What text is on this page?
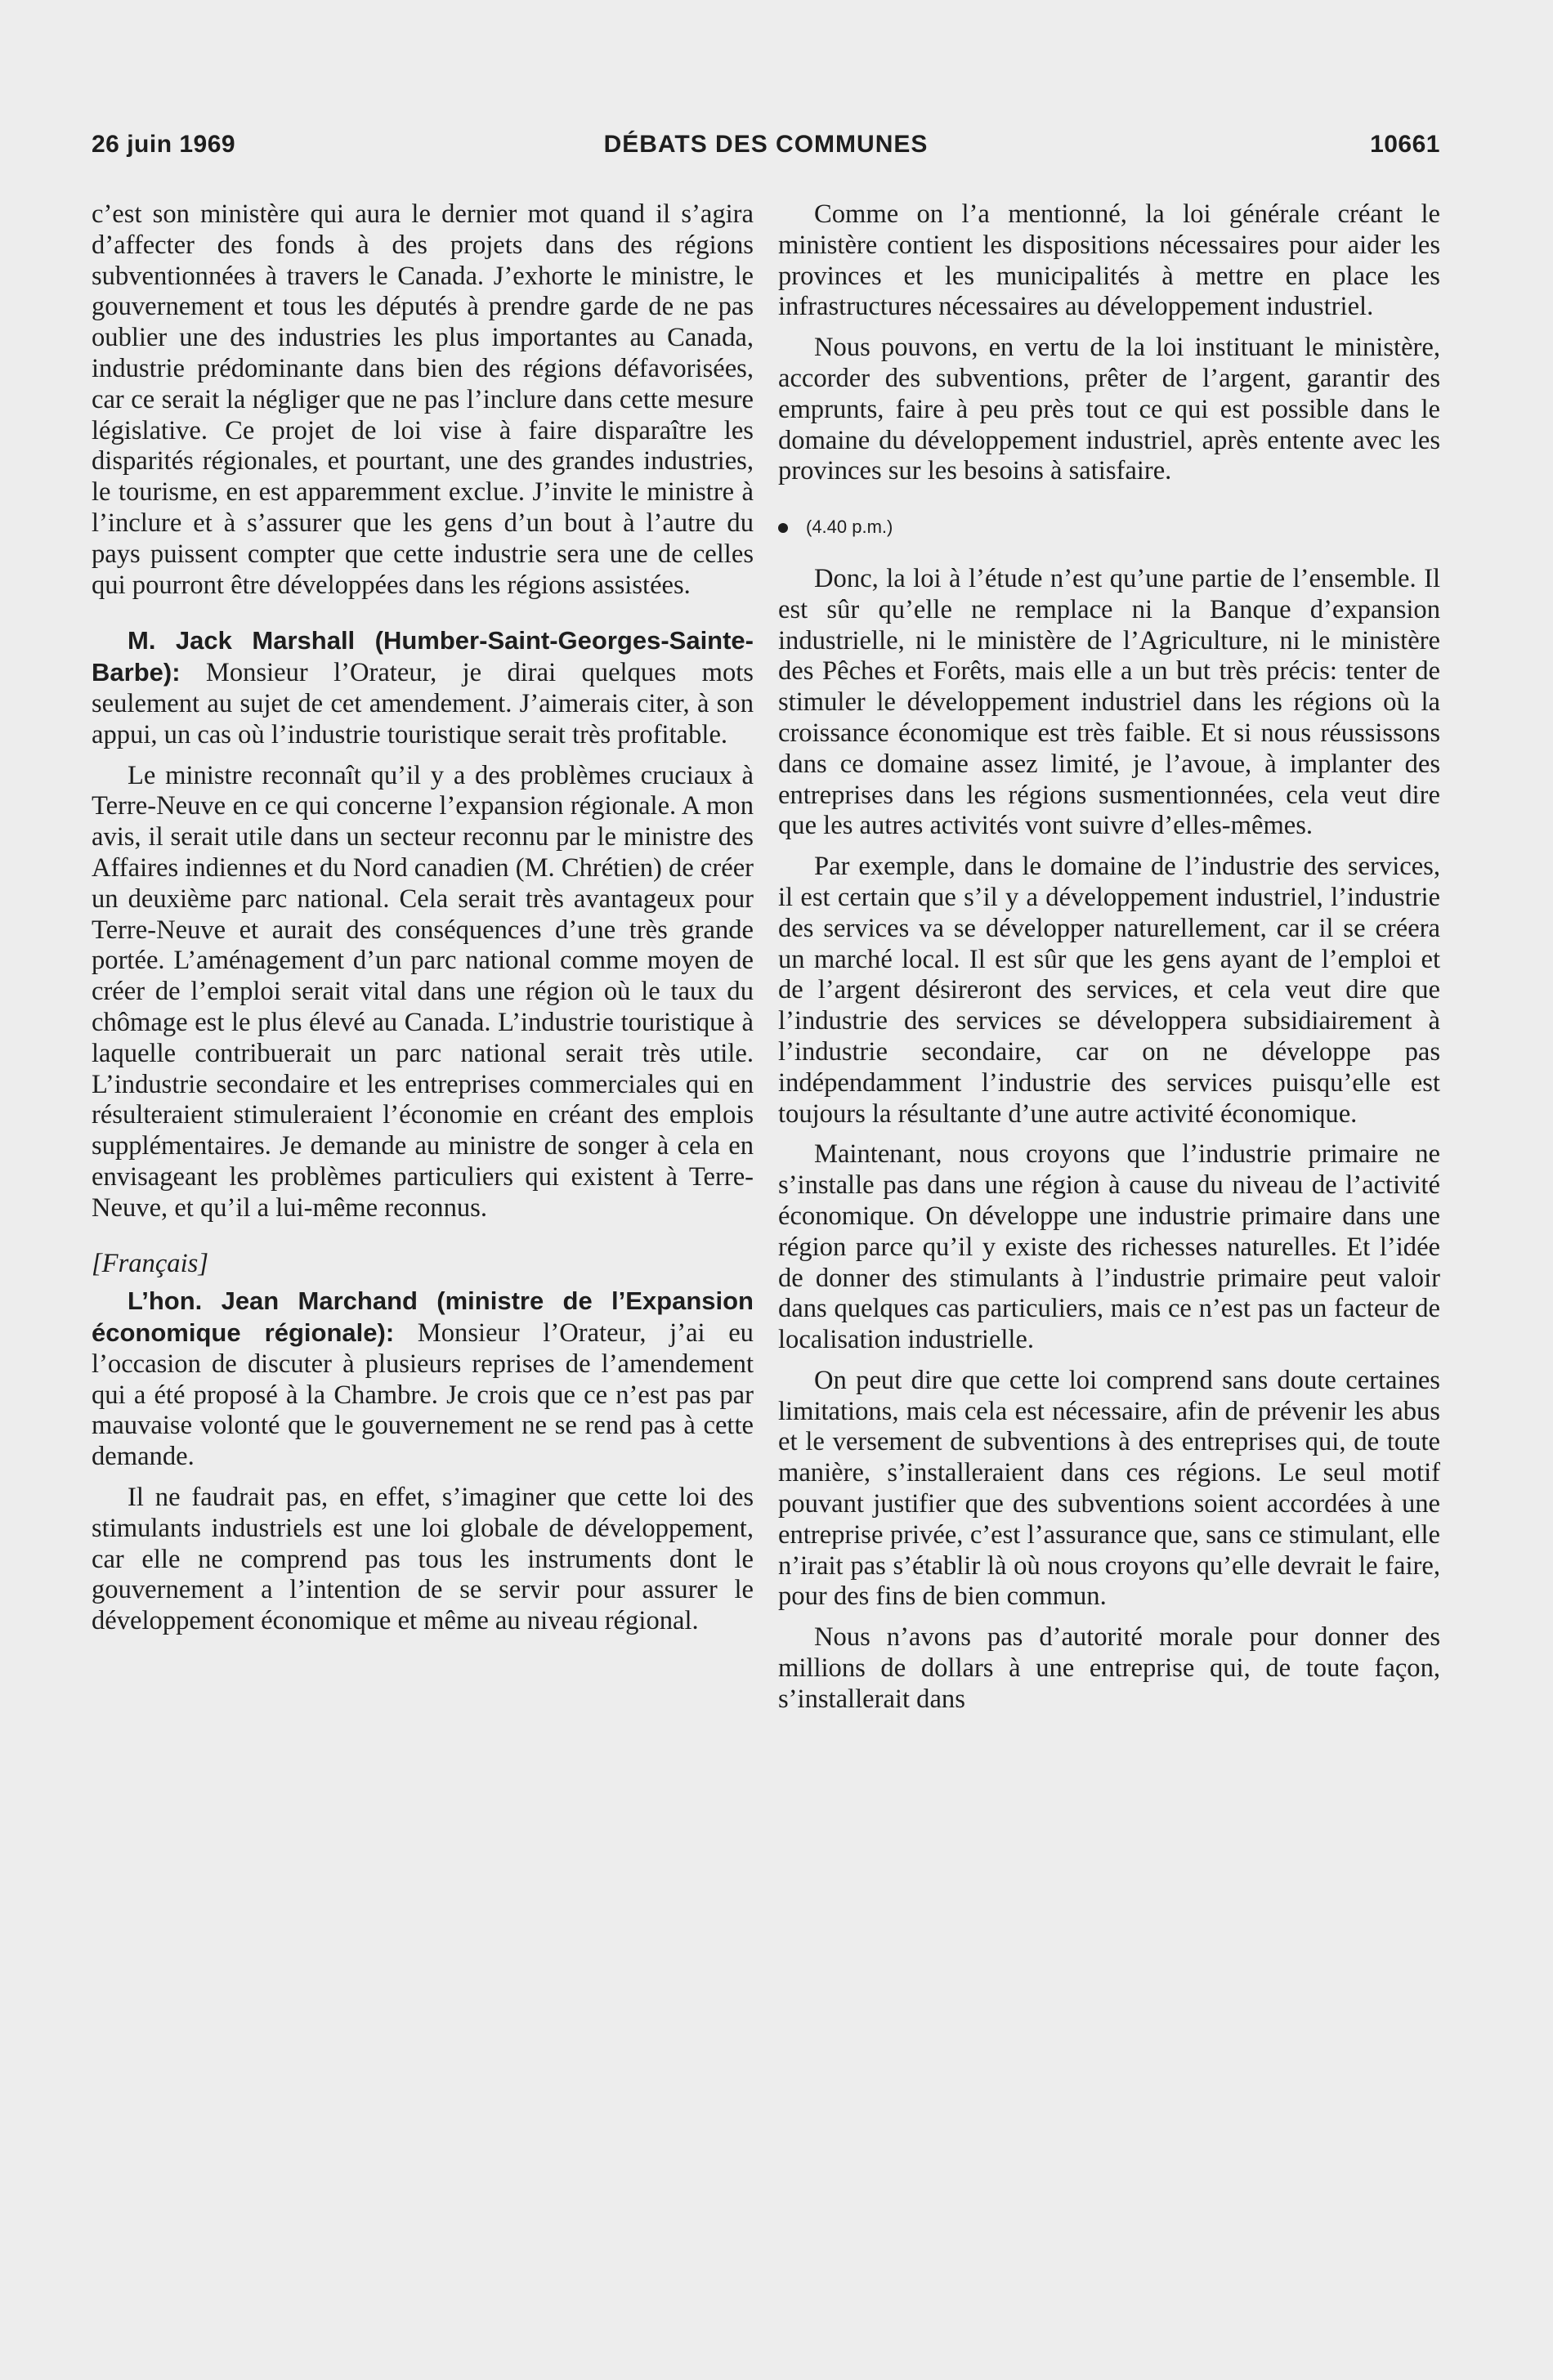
26 juin 1969	DÉBATS DES COMMUNES	10661

c’est son ministère qui aura le dernier mot quand il s’agira d’affecter des fonds à des projets dans des régions subventionnées à travers le Canada. J’exhorte le ministre, le gouvernement et tous les députés à prendre garde de ne pas oublier une des industries les plus importantes au Canada, industrie prédominante dans bien des régions défavorisées, car ce serait la négliger que ne pas l’inclure dans cette mesure législative. Ce projet de loi vise à faire disparaître les disparités régionales, et pourtant, une des grandes industries, le tourisme, en est apparemment exclue. J’invite le ministre à l’inclure et à s’assurer que les gens d’un bout à l’autre du pays puissent compter que cette industrie sera une de celles qui pourront être développées dans les régions assistées.

M. Jack Marshall (Humber-Saint-Georges-Sainte-Barbe): Monsieur l’Orateur, je dirai quelques mots seulement au sujet de cet amendement. J’aimerais citer, à son appui, un cas où l’industrie touristique serait très profitable.

Le ministre reconnaît qu’il y a des problèmes cruciaux à Terre-Neuve en ce qui concerne l’expansion régionale. A mon avis, il serait utile dans un secteur reconnu par le ministre des Affaires indiennes et du Nord canadien (M. Chrétien) de créer un deuxième parc national. Cela serait très avantageux pour Terre-Neuve et aurait des conséquences d’une très grande portée. L’aménagement d’un parc national comme moyen de créer de l’emploi serait vital dans une région où le taux du chômage est le plus élevé au Canada. L’industrie touristique à laquelle contribuerait un parc national serait très utile. L’industrie secondaire et les entreprises commerciales qui en résulteraient stimuleraient l’économie en créant des emplois supplémentaires. Je demande au ministre de songer à cela en envisageant les problèmes particuliers qui existent à Terre-Neuve, et qu’il a lui-même reconnus.

[Français]

L’hon. Jean Marchand (ministre de l’Expansion économique régionale): Monsieur l’Orateur, j’ai eu l’occasion de discuter à plusieurs reprises de l’amendement qui a été proposé à la Chambre. Je crois que ce n’est pas par mauvaise volonté que le gouvernement ne se rend pas à cette demande.

Il ne faudrait pas, en effet, s’imaginer que cette loi des stimulants industriels est une loi globale de développement, car elle ne comprend pas tous les instruments dont le gouvernement a l’intention de se servir pour assurer le développement économique et même au niveau régional.

Comme on l’a mentionné, la loi générale créant le ministère contient les dispositions nécessaires pour aider les provinces et les municipalités à mettre en place les infrastructures nécessaires au développement industriel.

Nous pouvons, en vertu de la loi instituant le ministère, accorder des subventions, prêter de l’argent, garantir des emprunts, faire à peu près tout ce qui est possible dans le domaine du développement industriel, après entente avec les provinces sur les besoins à satisfaire.

(4.40 p.m.)

Donc, la loi à l’étude n’est qu’une partie de l’ensemble. Il est sûr qu’elle ne remplace ni la Banque d’expansion industrielle, ni le ministère de l’Agriculture, ni le ministère des Pêches et Forêts, mais elle a un but très précis: tenter de stimuler le développement industriel dans les régions où la croissance économique est très faible. Et si nous réussissons dans ce domaine assez limité, je l’avoue, à implanter des entreprises dans les régions susmentionnées, cela veut dire que les autres activités vont suivre d’elles-mêmes.

Par exemple, dans le domaine de l’industrie des services, il est certain que s’il y a développement industriel, l’industrie des services va se développer naturellement, car il se créera un marché local. Il est sûr que les gens ayant de l’emploi et de l’argent désireront des services, et cela veut dire que l’industrie des services se développera subsidiairement à l’industrie secondaire, car on ne développe pas indépendamment l’industrie des services puisqu’elle est toujours la résultante d’une autre activité économique.

Maintenant, nous croyons que l’industrie primaire ne s’installe pas dans une région à cause du niveau de l’activité économique. On développe une industrie primaire dans une région parce qu’il y existe des richesses naturelles. Et l’idée de donner des stimulants à l’industrie primaire peut valoir dans quelques cas particuliers, mais ce n’est pas un facteur de localisation industrielle.

On peut dire que cette loi comprend sans doute certaines limitations, mais cela est nécessaire, afin de prévenir les abus et le versement de subventions à des entreprises qui, de toute manière, s’installeraient dans ces régions. Le seul motif pouvant justifier que des subventions soient accordées à une entreprise privée, c’est l’assurance que, sans ce stimulant, elle n’irait pas s’établir là où nous croyons qu’elle devrait le faire, pour des fins de bien commun.

Nous n’avons pas d’autorité morale pour donner des millions de dollars à une entreprise qui, de toute façon, s’installerait dans
